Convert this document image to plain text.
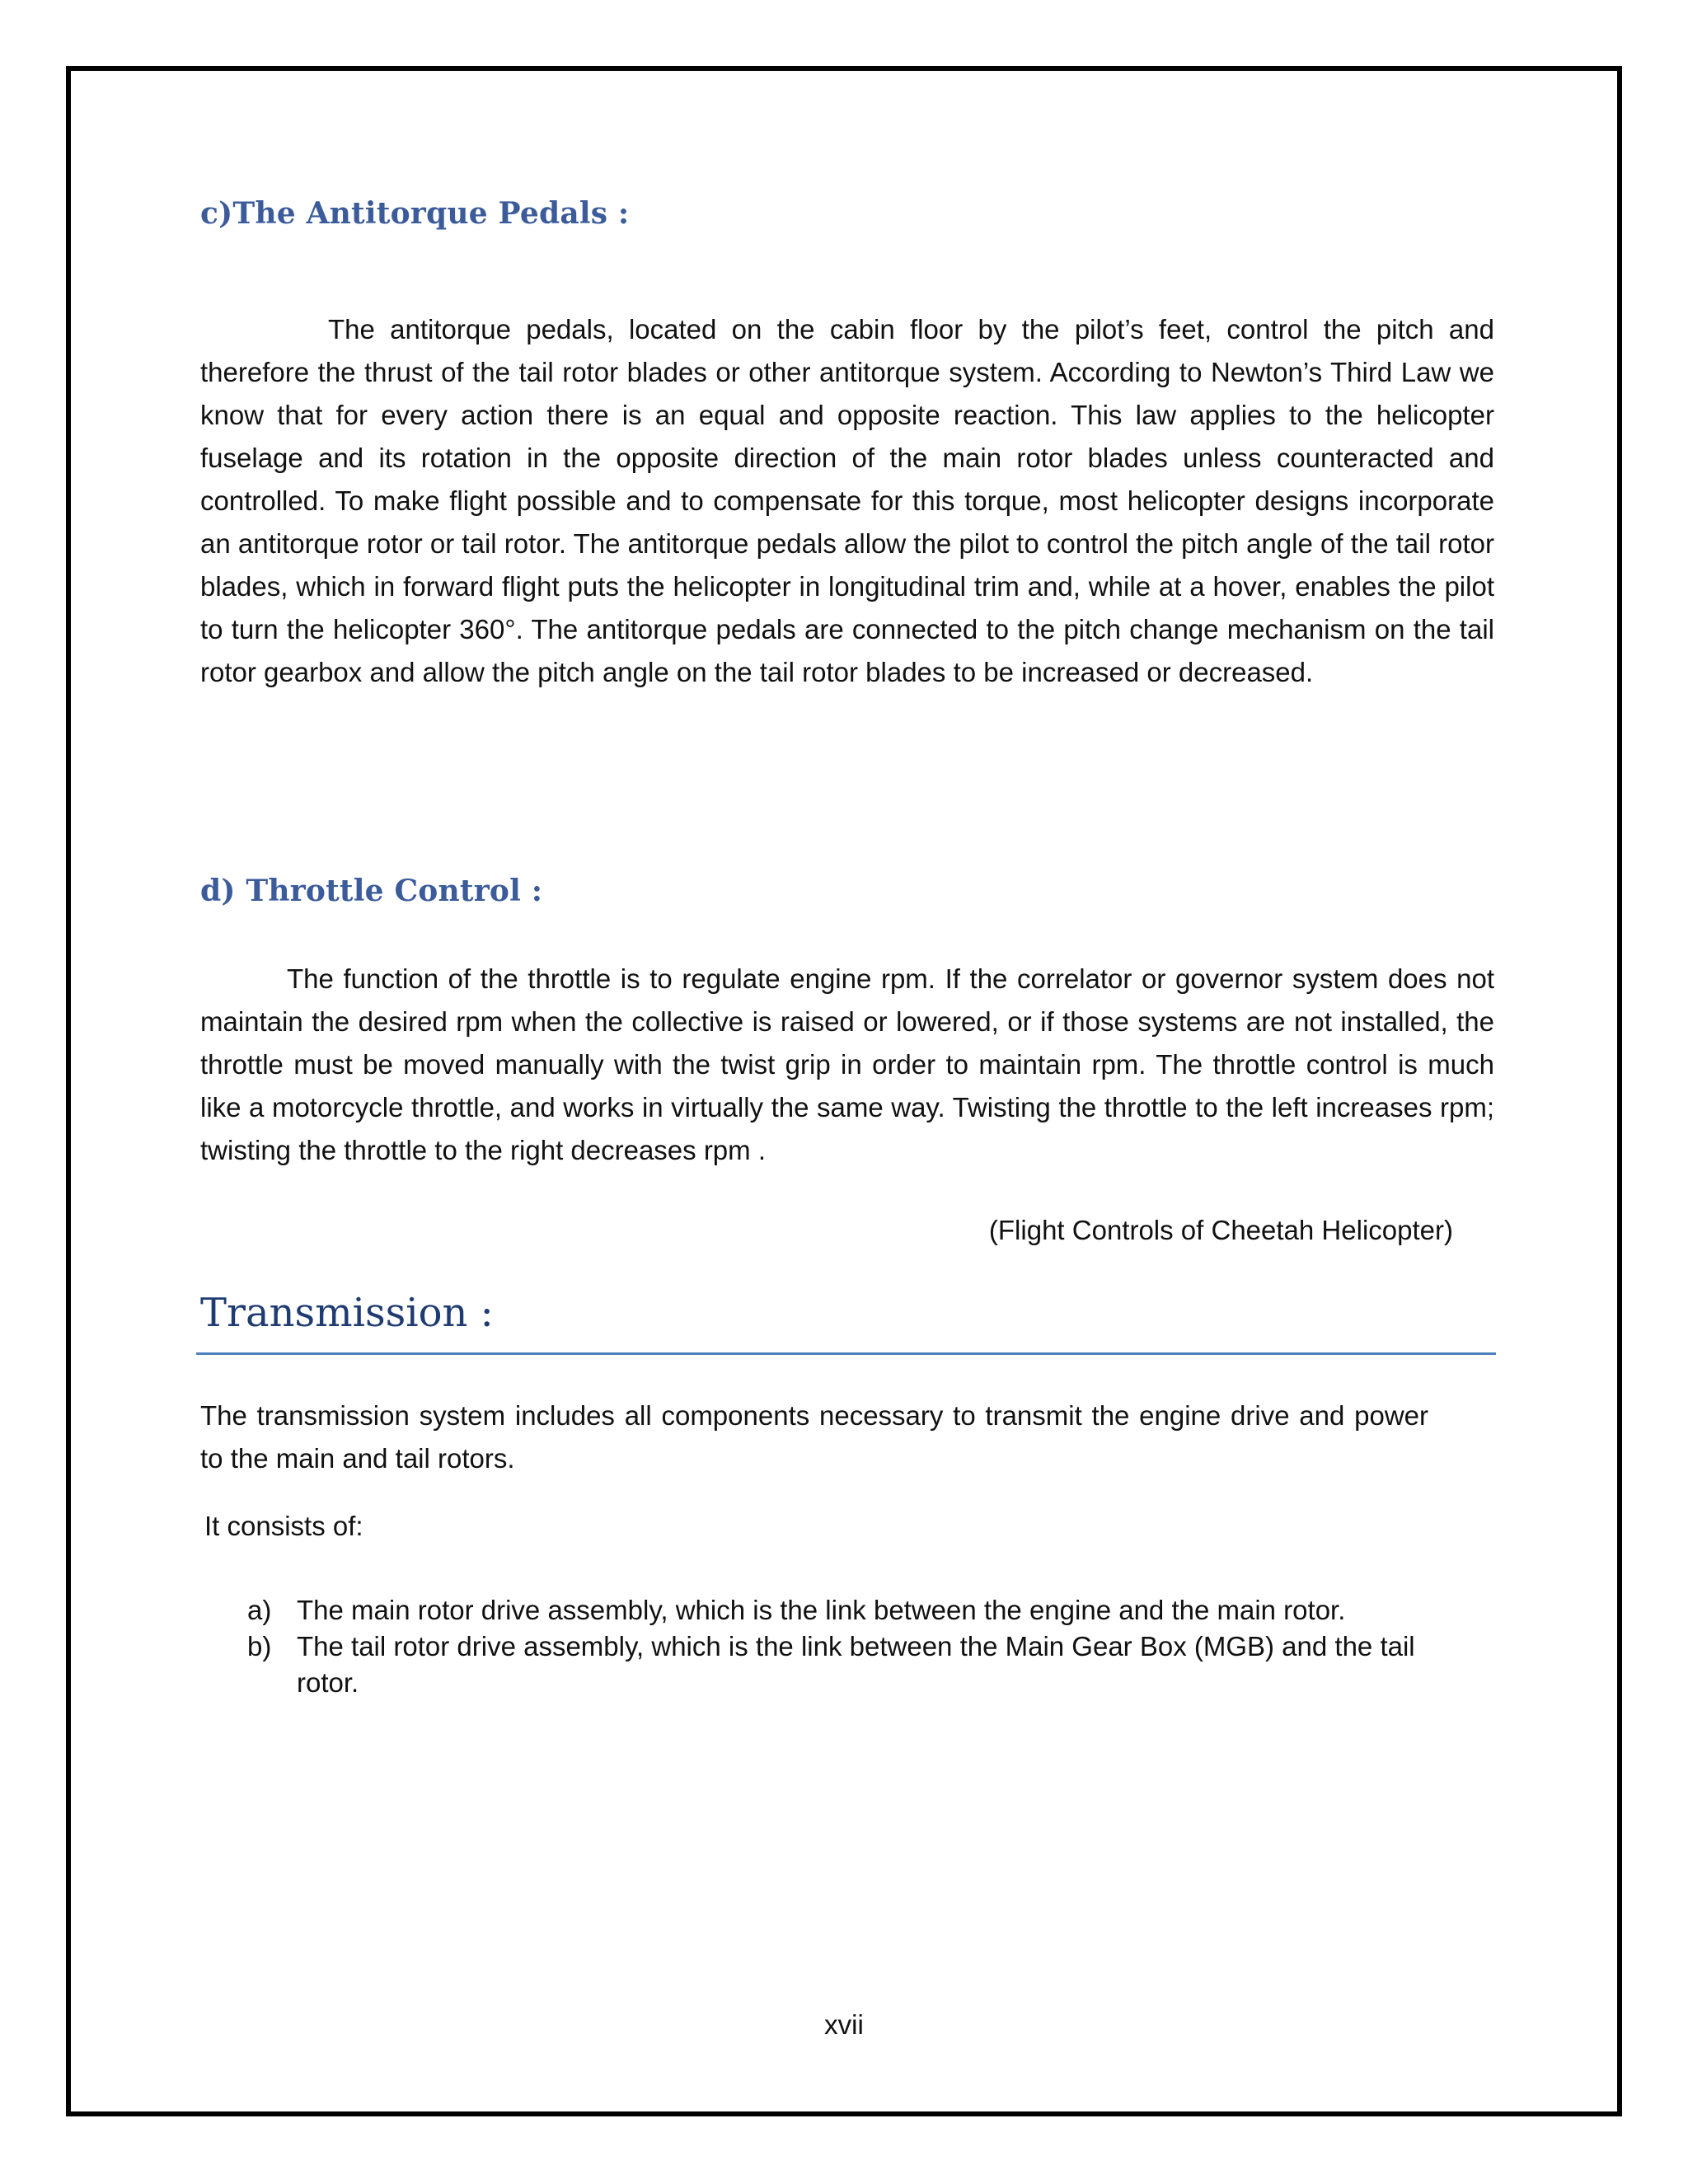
c)The Antitorque Pedals :

The antitorque pedals, located on the cabin floor by the pilot’s feet, control the pitch and therefore the thrust of the tail rotor blades or other antitorque system. According to Newton’s Third Law we know that for every action there is an equal and opposite reaction. This law applies to the helicopter fuselage and its rotation in the opposite direction of the main rotor blades unless counteracted and controlled. To make flight possible and to compensate for this torque, most helicopter designs incorporate an antitorque rotor or tail rotor. The antitorque pedals allow the pilot to control the pitch angle of the tail rotor blades, which in forward flight puts the helicopter in longitudinal trim and, while at a hover, enables the pilot to turn the helicopter 360°. The antitorque pedals are connected to the pitch change mechanism on the tail rotor gearbox and allow the pitch angle on the tail rotor blades to be increased or decreased.

d) Throttle Control :

The function of the throttle is to regulate engine rpm. If the correlator or governor system does not maintain the desired rpm when the collective is raised or lowered, or if those systems are not installed, the throttle must be moved manually with the twist grip in order to maintain rpm. The throttle control is much like a motorcycle throttle, and works in virtually the same way. Twisting the throttle to the left increases rpm; twisting the throttle to the right decreases rpm .

(Flight Controls of Cheetah Helicopter)
Transmission :

The transmission system includes all components necessary to transmit the engine drive and power to the main and tail rotors.

It consists of:

a) The main rotor drive assembly, which is the link between the engine and the main rotor.
b) The tail rotor drive assembly, which is the link between the Main Gear Box (MGB) and the tail rotor.
xvii
